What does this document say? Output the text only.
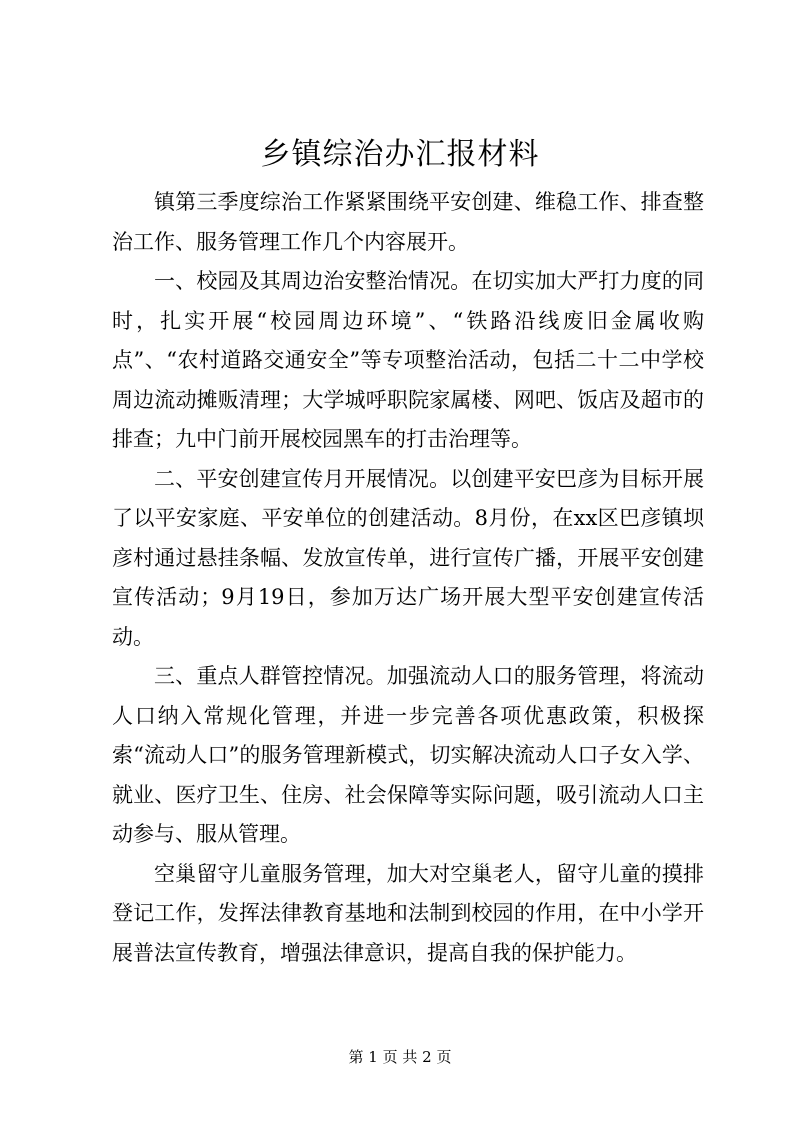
乡镇综治办汇报材料

镇第三季度综治工作紧紧围绕平安创建、维稳工作、排查整治工作、服务管理工作几个内容展开。

一、校园及其周边治安整治情况。在切实加大严打力度的同时，扎实开展“校园周边环境”、“铁路沿线废旧金属收购点”、“农村道路交通安全”等专项整治活动，包括二十二中学校周边流动摊贩清理；大学城呼职院家属楼、网吧、饭店及超市的排查；九中门前开展校园黑车的打击治理等。

二、平安创建宣传月开展情况。以创建平安巴彦为目标开展了以平安家庭、平安单位的创建活动。8月份，在xx区巴彦镇坝彦村通过悬挂条幅、发放宣传单，进行宣传广播，开展平安创建宣传活动；9月19日，参加万达广场开展大型平安创建宣传活动。

三、重点人群管控情况。加强流动人口的服务管理，将流动人口纳入常规化管理，并进一步完善各项优惠政策，积极探索“流动人口”的服务管理新模式，切实解决流动人口子女入学、就业、医疗卫生、住房、社会保障等实际问题，吸引流动人口主动参与、服从管理。

空巢留守儿童服务管理，加大对空巢老人，留守儿童的摸排登记工作，发挥法律教育基地和法制到校园的作用，在中小学开展普法宣传教育，增强法律意识，提高自我的保护能力。

第 1 页 共 2 页
